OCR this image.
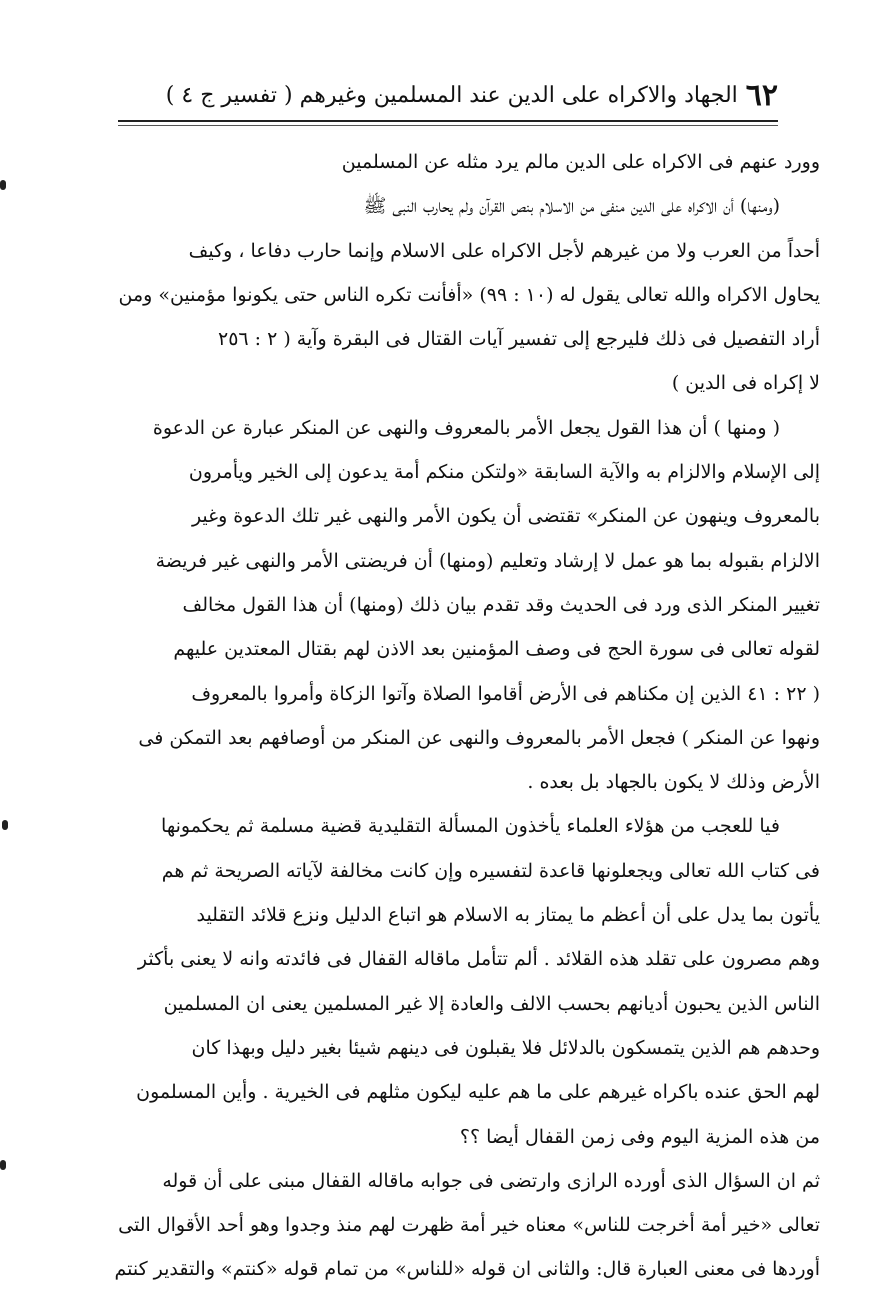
٦٢
الجهاد والاكراه على الدين عند المسلمين وغيرهم ( تفسير ج ٤ )
وورد عنهم فى الاكراه على الدين مالم يرد مثله عن المسلمين
(ومنها) أن الاكراه على الدين منفى من الاسلام بنص القرآن ولم يحارب النبى ﷺ
أحداً من العرب ولا من غيرهم لأجل الاكراه على الاسلام وإنما حارب دفاعا ، وكيف
يحاول الاكراه والله تعالى يقول له (١٠ : ٩٩) «أفأنت تكره الناس حتى يكونوا مؤمنين» ومن
أراد التفصيل فى ذلك فليرجع إلى تفسير آيات القتال فى البقرة وآية ( ٢ : ٢٥٦
لا إكراه فى الدين )
( ومنها ) أن هذا القول يجعل الأمر بالمعروف والنهى عن المنكر عبارة عن الدعوة
إلى الإسلام والالزام به والآية السابقة «ولتكن منكم أمة يدعون إلى الخير ويأمرون
بالمعروف وينهون عن المنكر» تقتضى أن يكون الأمر والنهى غير تلك الدعوة وغير
الالزام بقبوله بما هو عمل لا إرشاد وتعليم (ومنها) أن فريضتى الأمر والنهى غير فريضة
تغيير المنكر الذى ورد فى الحديث وقد تقدم بيان ذلك (ومنها) أن هذا القول مخالف
لقوله تعالى فى سورة الحج فى وصف المؤمنين بعد الاذن لهم بقتال المعتدين عليهم
( ٢٢ : ٤١ الذين إن مكناهم فى الأرض أقاموا الصلاة وآتوا الزكاة وأمروا بالمعروف
ونهوا عن المنكر ) فجعل الأمر بالمعروف والنهى عن المنكر من أوصافهم بعد التمكن فى
الأرض وذلك لا يكون بالجهاد بل بعده .
فيا للعجب من هؤلاء العلماء يأخذون المسألة التقليدية قضية مسلمة ثم يحكمونها
فى كتاب الله تعالى ويجعلونها قاعدة لتفسيره وإن كانت مخالفة لآياته الصريحة ثم هم
يأتون بما يدل على أن أعظم ما يمتاز به الاسلام هو اتباع الدليل ونزع قلائد التقليد
وهم مصرون على تقلد هذه القلائد . ألم تتأمل ماقاله القفال فى فائدته وانه لا يعنى بأكثر
الناس الذين يحبون أديانهم بحسب الالف والعادة إلا غير المسلمين يعنى ان المسلمين
وحدهم هم الذين يتمسكون بالدلائل فلا يقبلون فى دينهم شيئا بغير دليل وبهذا كان
لهم الحق عنده باكراه غيرهم على ما هم عليه ليكون مثلهم فى الخيرية . وأين المسلمون
من هذه المزية اليوم وفى زمن القفال أيضا ؟؟
ثم ان السؤال الذى أورده الرازى وارتضى فى جوابه ماقاله القفال مبنى على أن قوله
تعالى «خير أمة أخرجت للناس» معناه خير أمة ظهرت لهم منذ وجدوا وهو أحد الأقوال التى
أوردها فى معنى العبارة قال: والثانى ان قوله «للناس» من تمام قوله «كنتم» والتقدير كنتم
